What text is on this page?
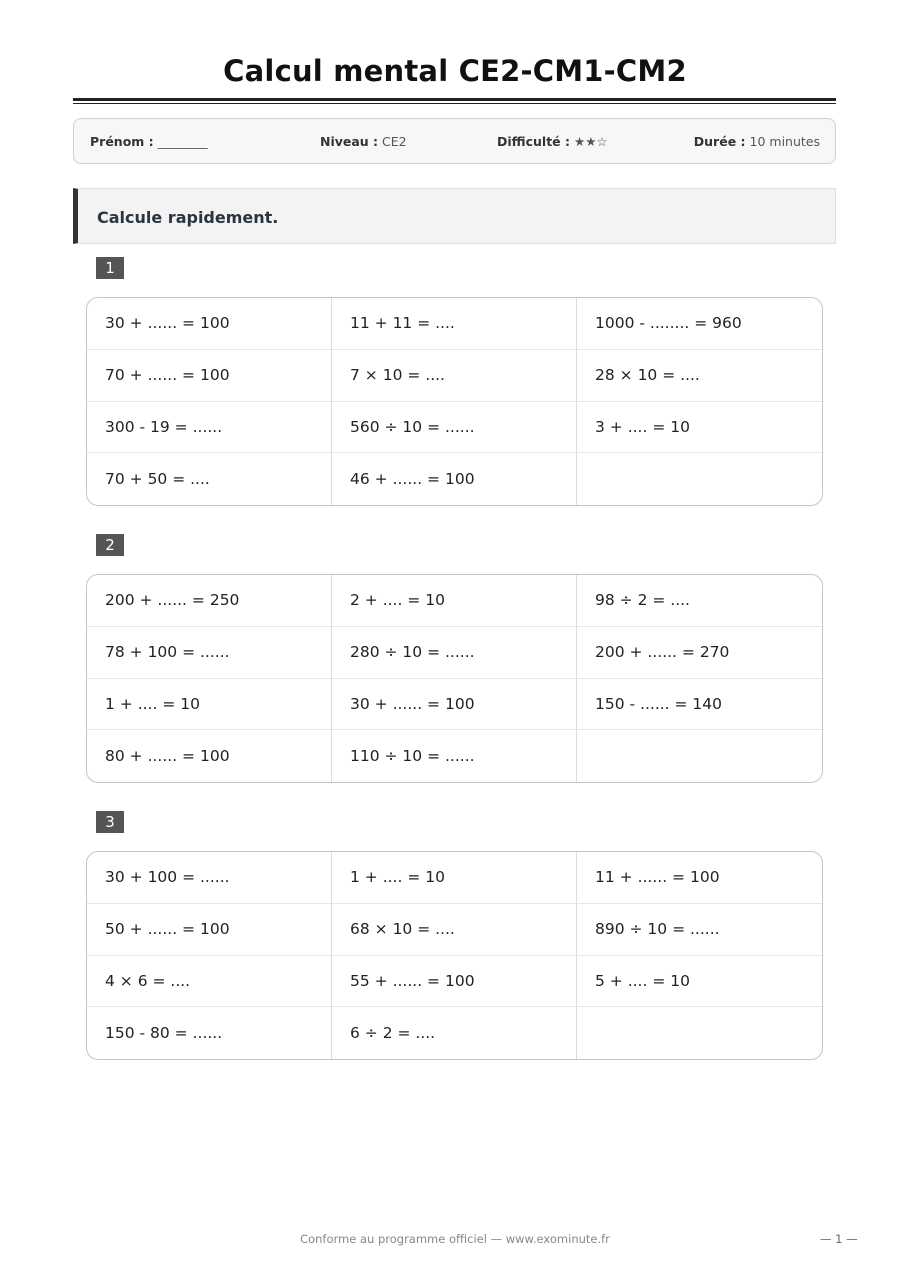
Calcul mental CE2-CM1-CM2
Prénom : ________	Niveau : CE2	Difficulté : ★★☆	Durée : 10 minutes
Calcule rapidement.
1
30 + ...... = 100	11 + 11 = ....	1000 - ........ = 960
70 + ...... = 100	7 × 10 = ....	28 × 10 = ....
300 - 19 = ......	560 ÷ 10 = ......	3 + .... = 10
70 + 50 = ....	46 + ...... = 100
2
200 + ...... = 250	2 + .... = 10	98 ÷ 2 = ....
78 + 100 = ......	280 ÷ 10 = ......	200 + ...... = 270
1 + .... = 10	30 + ...... = 100	150 - ...... = 140
80 + ...... = 100	110 ÷ 10 = ......
3
30 + 100 = ......	1 + .... = 10	11 + ...... = 100
50 + ...... = 100	68 × 10 = ....	890 ÷ 10 = ......
4 × 6 = ....	55 + ...... = 100	5 + .... = 10
150 - 80 = ......	6 ÷ 2 = ....
Conforme au programme officiel — www.exominute.fr	— 1 —
